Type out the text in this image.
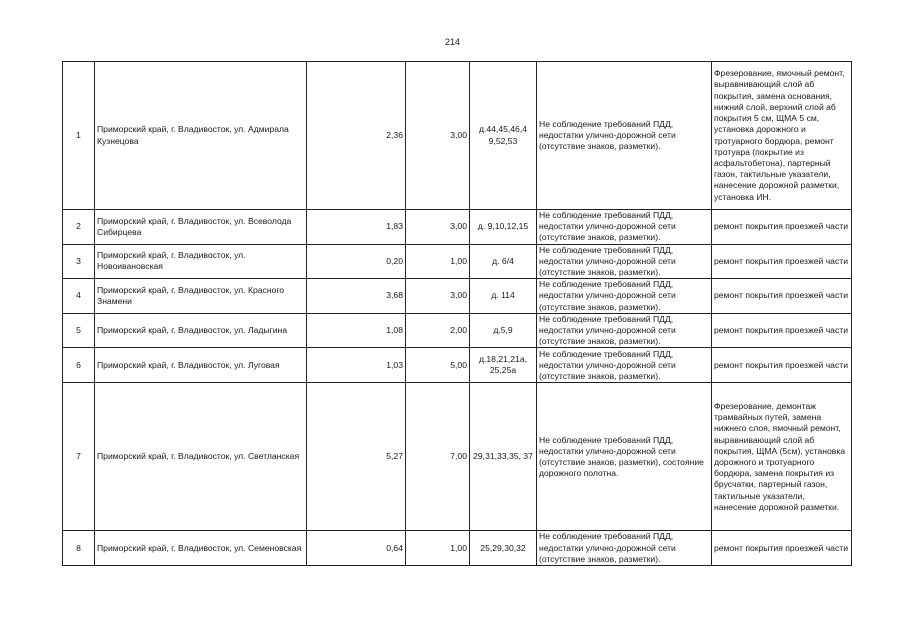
214
1	Приморский край, г. Владивосток, ул. Адмирала Кузнецова	2,36	3,00	д.44,45,46,4 9,52,53	Не соблюдение требований ПДД, недостатки улично-дорожной сети (отсутствие знаков, разметки).	Фрезерование, ямочный ремонт, выравнивающий слой аб покрытия, замена основания, нижний слой, верхний слой аб покрытия 5 см, ЩМА 5 см, установка дорожного и тротуарного бордюра, ремонт тротуара (покрытие из асфальтобетона), партерный газон, тактильные указатели, нанесение дорожной разметки, установка ИН.
2	Приморский край, г. Владивосток, ул. Всеволода Сибирцева	1,83	3,00	д. 9,10,12,15	Не соблюдение требований ПДД, недостатки улично-дорожной сети (отсутствие знаков, разметки).	ремонт покрытия проезжей части
3	Приморский край, г. Владивосток, ул. Новоивановская	0,20	1,00	д. 6/4	Не соблюдение требований ПДД, недостатки улично-дорожной сети (отсутствие знаков, разметки).	ремонт покрытия проезжей части
4	Приморский край, г. Владивосток, ул. Красного Знамени	3,68	3,00	д. 114	Не соблюдение требований ПДД, недостатки улично-дорожной сети (отсутствие знаков, разметки).	ремонт покрытия проезжей части
5	Приморский край, г. Владивосток, ул. Ладыгина	1,08	2,00	д.5,9	Не соблюдение требований ПДД, недостатки улично-дорожной сети (отсутствие знаков, разметки).	ремонт покрытия проезжей части
6	Приморский край, г. Владивосток, ул. Луговая	1,03	5,00	д.18,21,21а, 25,25а	Не соблюдение требований ПДД, недостатки улично-дорожной сети (отсутствие знаков, разметки).	ремонт покрытия проезжей части
7	Приморский край, г. Владивосток, ул. Светланская	5,27	7,00	29,31,33,35, 37	Не соблюдение требований ПДД, недостатки улично-дорожной сети (отсутствие знаков, разметки), состояние дорожного полотна.	Фрезерование, демонтаж трамвайных путей, замена нижнего слоя, ямочный ремонт, выравнивающий слой аб покрытия, ЩМА (5см), установка дорожного и тротуарного бордюра, замена покрытия из брусчатки, партерный газон, тактильные указатели, нанесение дорожной разметки.
8	Приморский край, г. Владивосток, ул. Семеновская	0,64	1,00	25,29,30,32	Не соблюдение требований ПДД, недостатки улично-дорожной сети (отсутствие знаков, разметки).	ремонт покрытия проезжей части
